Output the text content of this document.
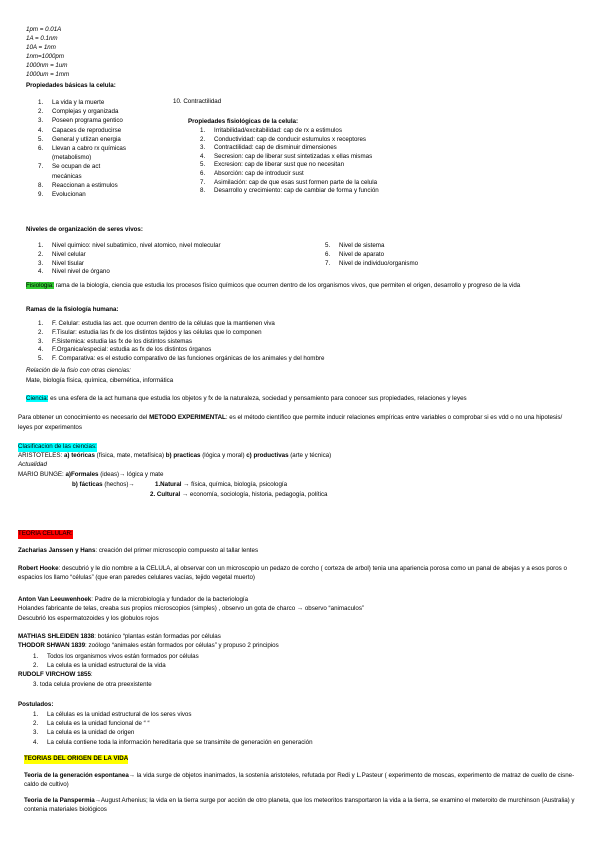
1pm = 0.01A
1A = 0.1nm
10A = 1nm
1nm=1000pm
1000nm = 1um
1000um = 1mm
Propiedades básicas la celula:
1. La vida y la muerte
2. Complejas y organizada
3. Poseen programa gentico
4. Capaces de reproducirse
5. General y utlizan energia
6. Llevan a cabro rx químicas
(metabolismo)
7. Se ocupan de act
mecánicas
8. Reaccionan a estimulos
9. Evolucionan
10. Contractilidad
Propiedades fisiológicas de la celula:
1. Irritabilidad/excitabilidad: cap de rx a estimulos
2. Conductividad: cap de conducir estumulos x receptores
3. Contractilidad: cap de disminuir dimensiones
4. Secresion: cap de liberar sust sintetizadas x ellas mismas
5. Excresion: cap de liberar sust que no necesitan
6. Absorción: cap de introducir sust
7. Asimilación: cap de que esas sust formen parte de la celula
8. Desarrollo y crecimiento: cap de cambiar de forma y función
Niveles de organización de seres vivos:
1. Nivel quimico: nivel subatimico, nivel atomico, nivel molecular
2. Nivel celular
3. Nivel tisular
4. Nivel nivel de órgano
5. Nivel de sistema
6. Nivel de aparato
7. Nivel de individuo/organismo
Fisiologia: rama de la biología, ciencia que estudia los procesos físico químicos que ocurren dentro de los organismos vivos, que permiten el origen, desarrollo y progreso de la vida
Ramas de la fisiología humana:
1. F. Celular: estudia las act. que ocurren dentro de la células que la mantienen viva
2. F.Tisular: estudia las fx de los distintos tejidos y las células que lo componen
3. F.Sistemica: estudia las fx de los distintos sistemas
4. F.Organica/especial: estudia as fx de los distintos órganos
5. F. Comparativa: es el estudio comparativo de las funciones orgánicas de los animales y del hombre
Relación de la fisio con otras ciencias:
Mate, biología física, química, cibernética, informática
Ciencia: es una esfera de la act humana que estudia los objetos y fx de la naturaleza, sociedad y pensamiento para conocer sus propiedades, relaciones y leyes
Para obtener un conocimiento es necesario del METODO EXPERIMENTAL: es el método científico que permite inducir relaciones empíricas entre variables o comprobar si es vdd o no una hipotesis/ leyes por experimentos
Clasificacion de las ciencias:
ARISTOTELES: a) teóricas (física, mate, metafísica) b) practicas (lógica y moral) c) productivas (arte y técnica)
Actualidad
MARIO BUNGE: a)Formales (ideas)→ lógica y mate
b) fácticas (hechos)→	1.Natural → física, química, biología, psicología
2. Cultural → economía, sociología, historia, pedagogía, política
TEORIA CELULAR:
Zacharias Janssen y Hans: creación del primer microscopio compuesto al tallar lentes
Robert Hooke: descubrió y le dio nombre a la CELULA, al observar con un microscopio un pedazo de corcho ( corteza de arbol) tenia una apariencia porosa como un panal de abejas y a esos poros o espacios los llamo “células” (que eran paredes celulares vacías, tejido vegetal muerto)
Anton Van Leeuwenhoek: Padre de la microbiología y fundador de la bacteriología
Holandes fabricante de telas, creaba sus propios microscopios (simples) , observo un gota de charco → observo “animaculos”
Descubrió los espermatozoides y los globulos rojos
MATHIAS SHLEIDEN 1838: botánico “plantas están formadas por células
THODOR SHWAN 1839: zoólogo “animales están formados por células” y propuso 2 principios
1. Todos los organismos vivos están formados por células
2. La celula es la unidad estructural de la vida
RUDOLF VIRCHOW 1855:
3. toda celula proviene de otra preexistente
Postulados:
1. La células es la unidad estructural de los seres vivos
2. La celula es la unidad funcional de “ “
3. La celula es la unidad de origen
4. La celula contiene toda la información hereditaria que se transimite de generación en generación
TEORIAS DEL ORIGEN DE LA VIDA
Teoria de la generación espontanea→ la vida surge de objetos inanimados, la sostenía aristoteles, refutada por Redi y L.Pasteur ( experimento de moscas, experimento de matraz de cuello de cisne- caldo de cultivo)
Teoria de la Panspermia→August Arhenius; la vida en la tierra surge por acción de otro planeta, que los meteoritos transportaron la vida a la tierra, se examino el meteroito de murchinson (Australia) y contenia materiales biológicos
